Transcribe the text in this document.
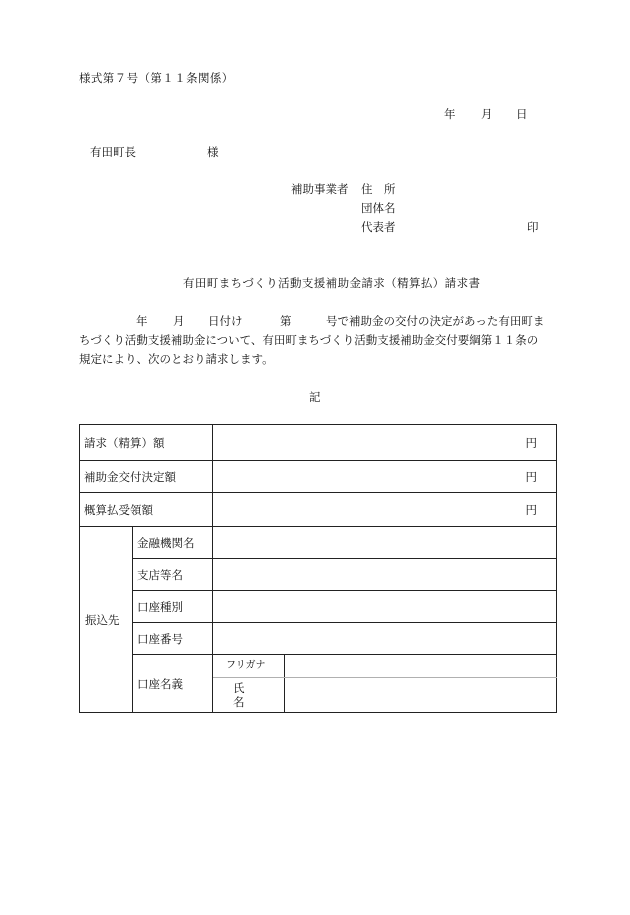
様式第７号（第１１条関係）
年 月 日
有田町長	様
補助事業者 住　所
団体名
代表者	印
有田町まちづくり活動支援補助金請求（精算払）請求書
年 月 日付け	第	号で補助金の交付の決定があった有田町ま
ちづくり活動支援補助金について、有田町まちづくり活動支援補助金交付要綱第１１条の
規定により、次のとおり請求します。
記
請求（精算）額		円	
補助金交付決定額		円	
概算払受領額		円	
振込先	金融機関名		
	支店等名		
	口座種別		
	口座番号		
	口座名義	フリガナ	
		氏　名	
